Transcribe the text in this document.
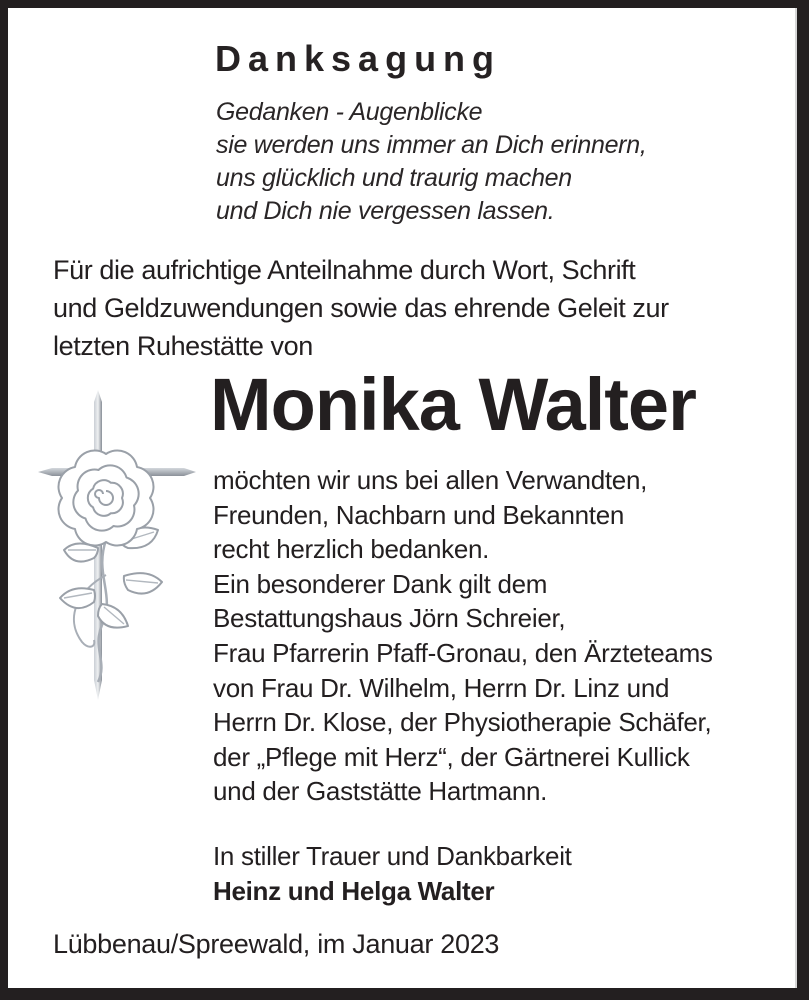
Danksagung
Gedanken - Augenblicke
sie werden uns immer an Dich erinnern,
uns glücklich und traurig machen
und Dich nie vergessen lassen.
Für die aufrichtige Anteilnahme durch Wort, Schrift
und Geldzuwendungen sowie das ehrende Geleit zur
letzten Ruhestätte von
Monika Walter
möchten wir uns bei allen Verwandten,
Freunden, Nachbarn und Bekannten
recht herzlich bedanken.
Ein besonderer Dank gilt dem
Bestattungshaus Jörn Schreier,
Frau Pfarrerin Pfaff-Gronau, den Ärzteteams
von Frau Dr. Wilhelm, Herrn Dr. Linz und
Herrn Dr. Klose, der Physiotherapie Schäfer,
der „Pflege mit Herz“, der Gärtnerei Kullick
und der Gaststätte Hartmann.
In stiller Trauer und Dankbarkeit
Heinz und Helga Walter
Lübbenau/Spreewald, im Januar 2023
